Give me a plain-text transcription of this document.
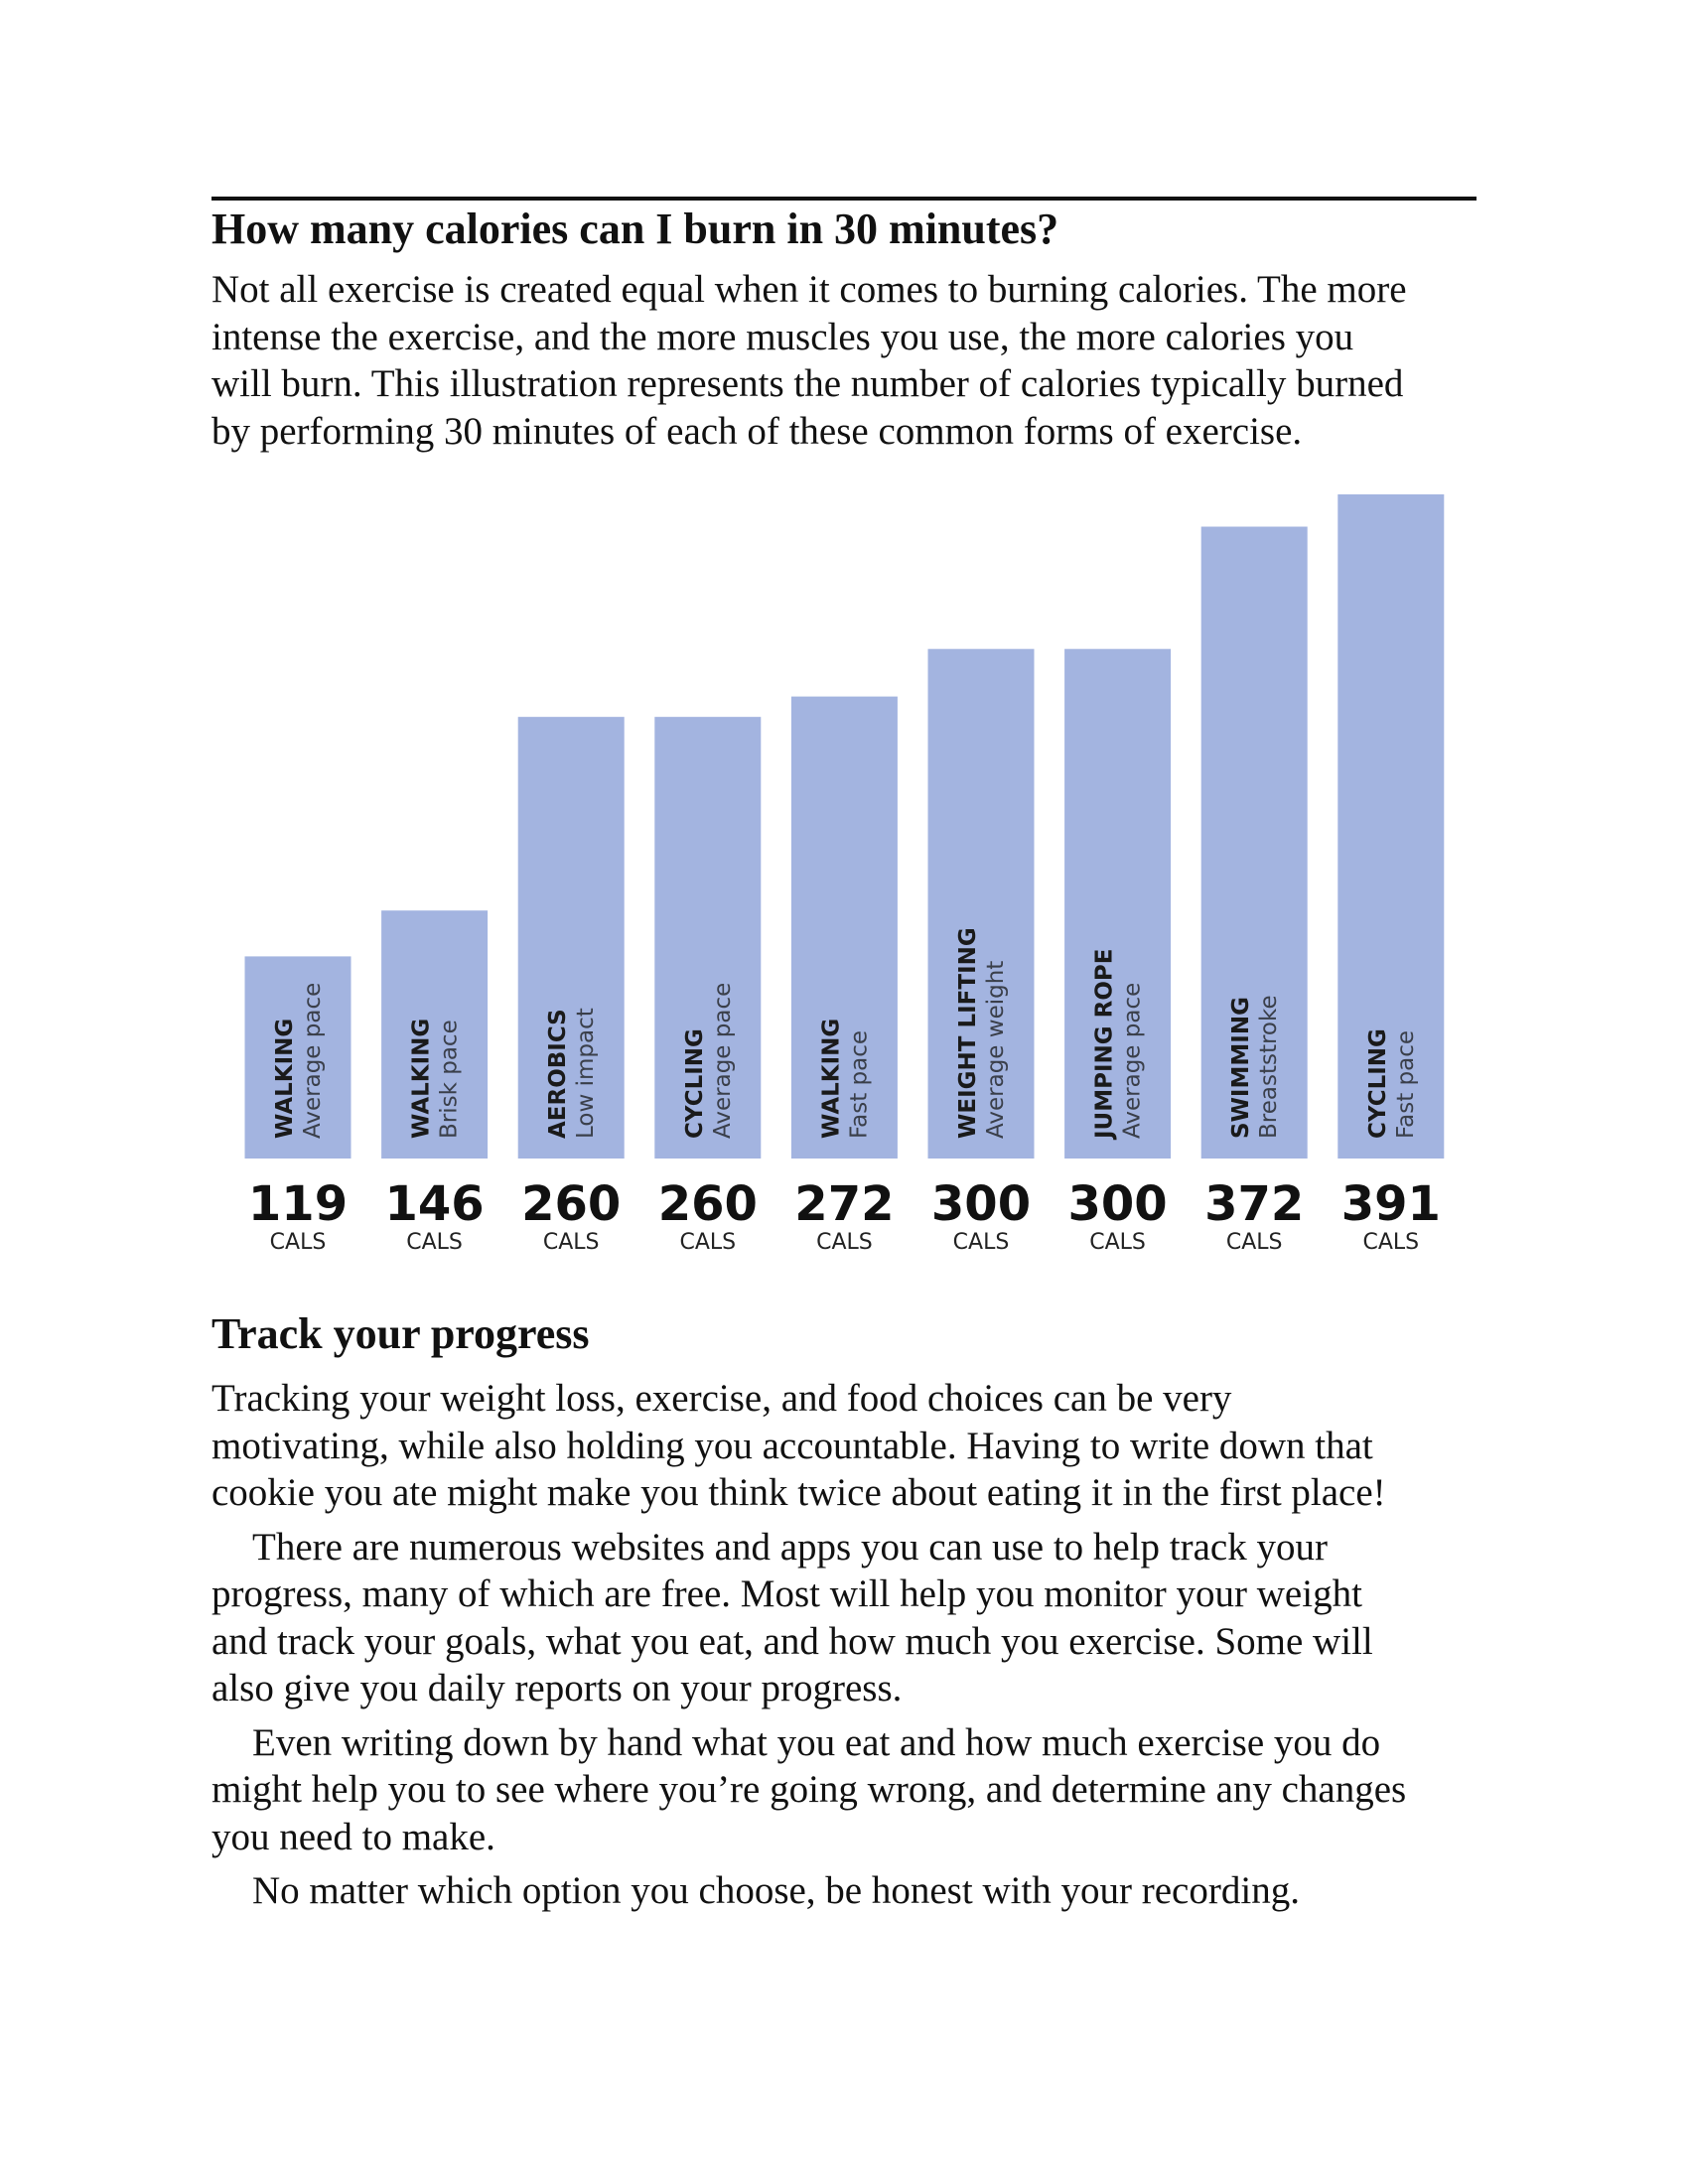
How many calories can I burn in 30 minutes?
Not all exercise is created equal when it comes to burning calories. The more
intense the exercise, and the more muscles you use, the more calories you
will burn. This illustration represents the number of calories typically burned
by performing 30 minutes of each of these common forms of exercise.
WALKINGAverage pace
119
CALS
WALKINGBrisk pace
146
CALS
AEROBICSLow impact
260
CALS
CYCLINGAverage pace
260
CALS
WALKINGFast pace
272
CALS
WEIGHT LIFTINGAverage weight
300
CALS
JUMPING ROPEAverage pace
300
CALS
SWIMMINGBreaststroke
372
CALS
CYCLINGFast pace
391
CALS
Track your progress

Tracking your weight loss, exercise, and food choices can be very
motivating, while also holding you accountable. Having to write down that
cookie you ate might make you think twice about eating it in the first place!

There are numerous websites and apps you can use to help track your
progress, many of which are free. Most will help you monitor your weight
and track your goals, what you eat, and how much you exercise. Some will
also give you daily reports on your progress.

Even writing down by hand what you eat and how much exercise you do
might help you to see where you’re going wrong, and determine any changes
you need to make.

No matter which option you choose, be honest with your recording.
